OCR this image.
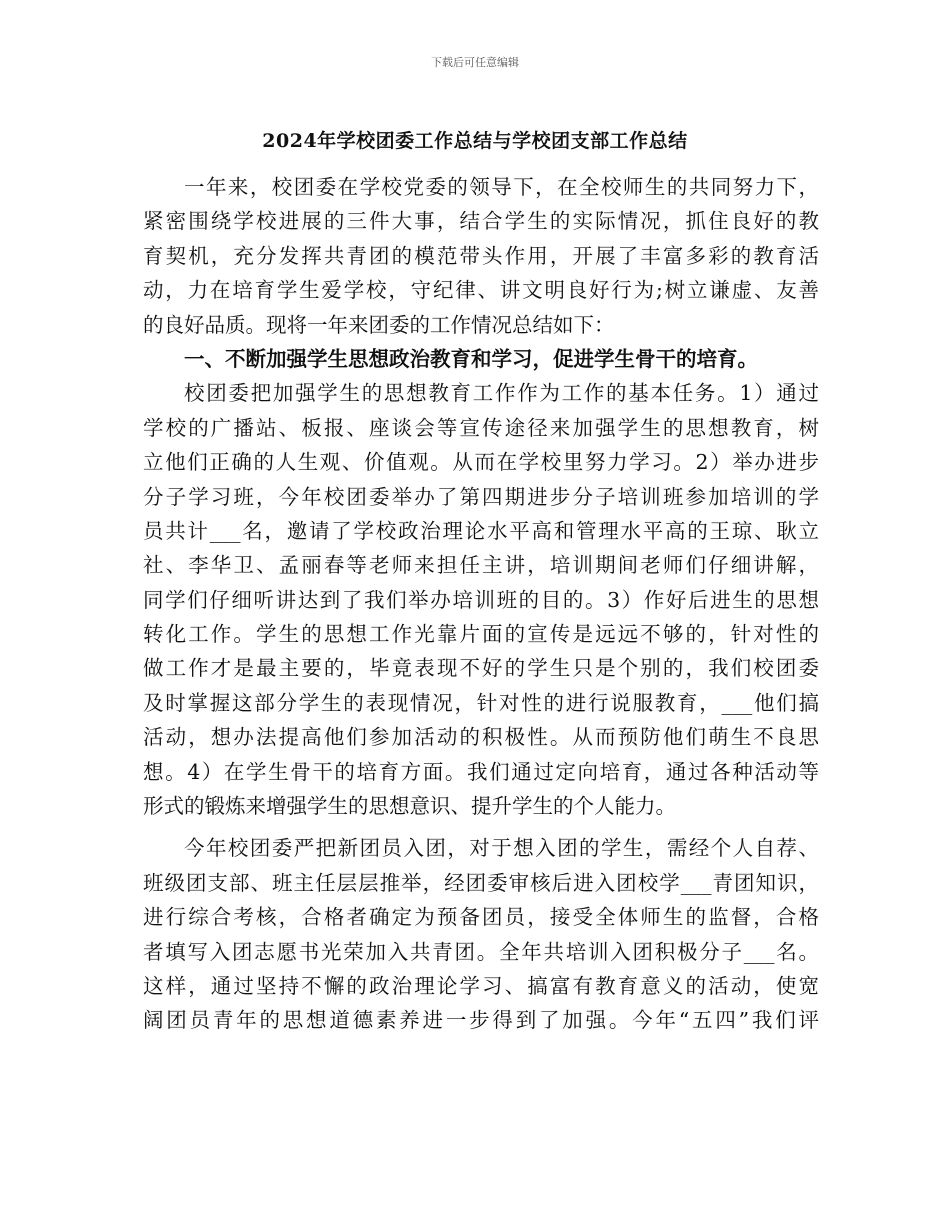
下载后可任意编辑
2024年学校团委工作总结与学校团支部工作总结
一年来，校团委在学校党委的领导下，在全校师生的共同努力下，
紧密围绕学校进展的三件大事，结合学生的实际情况，抓住良好的教
育契机，充分发挥共青团的模范带头作用，开展了丰富多彩的教育活
动，力在培育学生爱学校，守纪律、讲文明良好行为;树立谦虚、友善
的良好品质。现将一年来团委的工作情况总结如下：
一、不断加强学生思想政治教育和学习，促进学生骨干的培育。
校团委把加强学生的思想教育工作作为工作的基本任务。1）通过
学校的广播站、板报、座谈会等宣传途径来加强学生的思想教育，树
立他们正确的人生观、价值观。从而在学校里努力学习。2）举办进步
分子学习班，今年校团委举办了第四期进步分子培训班参加培训的学
员共计___名，邀请了学校政治理论水平高和管理水平高的王琼、耿立
社、李华卫、孟丽春等老师来担任主讲，培训期间老师们仔细讲解，
同学们仔细听讲达到了我们举办培训班的目的。3）作好后进生的思想
转化工作。学生的思想工作光靠片面的宣传是远远不够的，针对性的
做工作才是最主要的，毕竟表现不好的学生只是个别的，我们校团委
及时掌握这部分学生的表现情况，针对性的进行说服教育，___他们搞
活动，想办法提高他们参加活动的积极性。从而预防他们萌生不良思
想。4）在学生骨干的培育方面。我们通过定向培育，通过各种活动等
形式的锻炼来增强学生的思想意识、提升学生的个人能力。
今年校团委严把新团员入团，对于想入团的学生，需经个人自荐、
班级团支部、班主任层层推举，经团委审核后进入团校学___青团知识，
进行综合考核，合格者确定为预备团员，接受全体师生的监督，合格
者填写入团志愿书光荣加入共青团。全年共培训入团积极分子___名。
这样，通过坚持不懈的政治理论学习、搞富有教育意义的活动，使宽
阔团员青年的思想道德素养进一步得到了加强。今年“五四”我们评
